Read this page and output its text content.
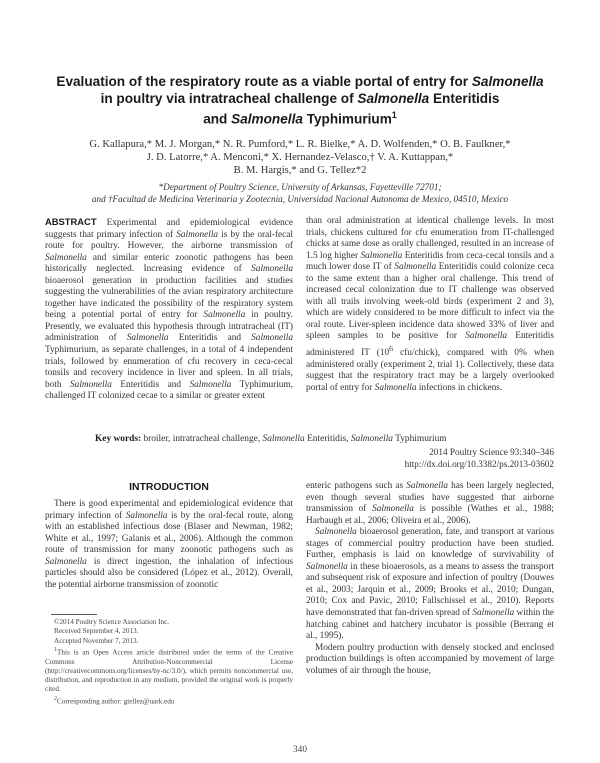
Evaluation of the respiratory route as a viable portal of entry for Salmonella
in poultry via intratracheal challenge of Salmonella Enteritidis
and Salmonella Typhimurium$^1$
G. Kallapura,* M. J. Morgan,* N. R. Pumford,* L. R. Bielke,* A. D. Wolfenden,* O. B. Faulkner,*
J. D. Latorre,* A. Menconi,* X. Hernandez-Velasco,† V. A. Kuttappan,*
B. M. Hargis,* and G. Tellez*2
*Department of Poultry Science, University of Arkansas, Fayetteville 72701;
and †Facultad de Medicina Veterinaria y Zootecnia, Universidad Nacional Autonoma de Mexico, 04510, Mexico

ABSTRACT Experimental and epidemiological evidence suggests that primary infection of Salmonella is by the oral-fecal route for poultry. However, the airborne transmission of Salmonella and similar enteric zoonotic pathogens has been historically neglected. Increasing evidence of Salmonella bioaerosol generation in production facilities and studies suggesting the vulnerabilities of the avian respiratory architecture together have indicated the possibility of the respiratory system being a potential portal of entry for Salmonella in poultry. Presently, we evaluated this hypothesis through intratracheal (IT) administration of Salmonella Enteritidis and Salmonella Typhimurium, as separate challenges, in a total of 4 independent trials, followed by enumeration of cfu recovery in ceca-cecal tonsils and recovery incidence in liver and spleen. In all trials, both Salmonella Enteritidis and Salmonella Typhimurium, challenged IT colonized cecae to a similar or greater extent

than oral administration at identical challenge levels. In most trials, chickens cultured for cfu enumeration from IT-challenged chicks at same dose as orally challenged, resulted in an increase of 1.5 log higher Salmonella Enteritidis from ceca-cecal tonsils and a much lower dose IT of Salmonella Enteritidis could colonize ceca to the same extent than a higher oral challenge. This trend of increased cecal colonization due to IT challenge was observed with all trails involving week-old birds (experiment 2 and 3), which are widely considered to be more difficult to infect via the oral route. Liver-spleen incidence data showed 33% of liver and spleen samples to be positive for Salmonella Enteritidis administered IT ($10^6$ cfu/chick), compared with 0% when administered orally (experiment 2, trial 1). Collectively, these data suggest that the respiratory tract may be a largely overlooked portal of entry for Salmonella infections in chickens.

Key words: broiler, intratracheal challenge, Salmonella Enteritidis, Salmonella Typhimurium
2014 Poultry Science 93:340–346
http://dx.doi.org/10.3382/ps.2013-03602
INTRODUCTION

There is good experimental and epidemiological evidence that primary infection of Salmonella is by the oral-fecal route, along with an established infectious dose (Blaser and Newman, 1982; White et al., 1997; Galanis et al., 2006). Although the common route of transmission for many zoonotic pathogens such as Salmonella is direct ingestion, the inhalation of infectious particles should also be considered (López et al., 2012). Overall, the potential airborne transmission of zoonotic

enteric pathogens such as Salmonella has been largely neglected, even though several studies have suggested that airborne transmission of Salmonella is possible (Wathes et al., 1988; Harbaugh et al., 2006; Oliveira et al., 2006).

Salmonella bioaerosol generation, fate, and transport at various stages of commercial poultry production have been studied. Further, emphasis is laid on knowledge of survivability of Salmonella in these bioaerosols, as a means to assess the transport and subsequent risk of exposure and infection of poultry (Douwes et al., 2003; Jarquin et al., 2009; Brooks et al., 2010; Dungan, 2010; Cox and Pavic, 2010; Fallschissel et al., 2010). Reports have demonstrated that fan-driven spread of Salmonella within the hatching cabinet and hatchery incubator is possible (Berrang et al., 1995).

Modern poultry production with densely stocked and enclosed production buildings is often accompanied by movement of large volumes of air through the house,

©2014 Poultry Science Association Inc.

Received September 4, 2013.

Accepted November 7, 2013.

$^1$This is an Open Access article distributed under the terms of the Creative Commons Attribution-Noncommercial License (http://creativecommons.org/licenses/by-nc/3.0/), which permits noncommercial use, distribution, and reproduction in any medium, provided the original work is properly cited.

$^2$Corresponding author: gtellez@uark.edu

340
